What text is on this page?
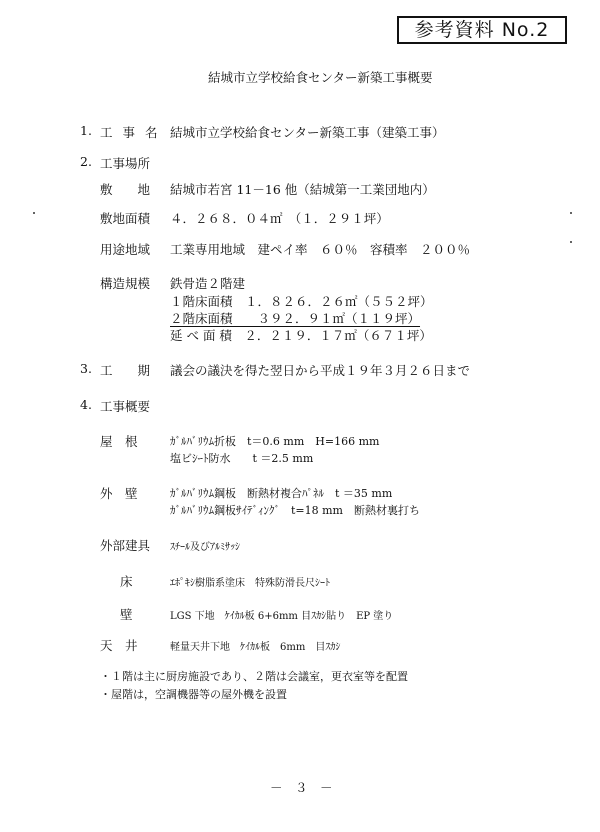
参考資料 No.2
結城市立学校給食センター新築工事概要
1. 工 事 名 結城市立学校給食センター新築工事（建築工事）
2. 工事場所
敷　　地 結城市若宮 11－16 他（結城第一工業団地内）
敷地面積 ４．２６８．０４㎡　（１．２９１坪）
用途地域 工業専用地域　建ペイ率　６０％　容積率　２００％
構造規模 鉄骨造２階建
１階床面積　１．８２６．２６㎡（５５２坪）
２階床面積　　３９２．９１㎡（１１９坪）
延 べ 面 積　２．２１９．１７㎡（６７１坪）
3. 工　　期 議会の議決を得た翌日から平成１９年３月２６日まで
4. 工事概要
屋　根	ｶﾞﾙﾊﾞﾘｳﾑ折板　t＝0.6 mm　H=166 mm
塩ビｼｰﾄ防水　　t ＝2.5 mm
外　壁	ｶﾞﾙﾊﾞﾘｳﾑ鋼板　断熱材複合ﾊﾟﾈﾙ　t ＝35 mm
ｶﾞﾙﾊﾞﾘｳﾑ鋼板ｻｲﾃﾞｨﾝｸﾞ　t=18 mm　断熱材裏打ち
外部建具 ｽﾁｰﾙ及びｱﾙﾐｻｯｼ
床	ｴﾎﾟｷｼ樹脂系塗床　特殊防滑長尺ｼｰﾄ
壁	LGS 下地　ｹｲｶﾙ板 6+6mm 目ｽｶｼ貼り　EP 塗り
天　井	軽量天井下地　ｹｲｶﾙ板　6mm　目ｽｶｼ
・１階は主に厨房施設であり、２階は会議室，更衣室等を配置
・屋階は，空調機器等の屋外機を設置
－　３　－
